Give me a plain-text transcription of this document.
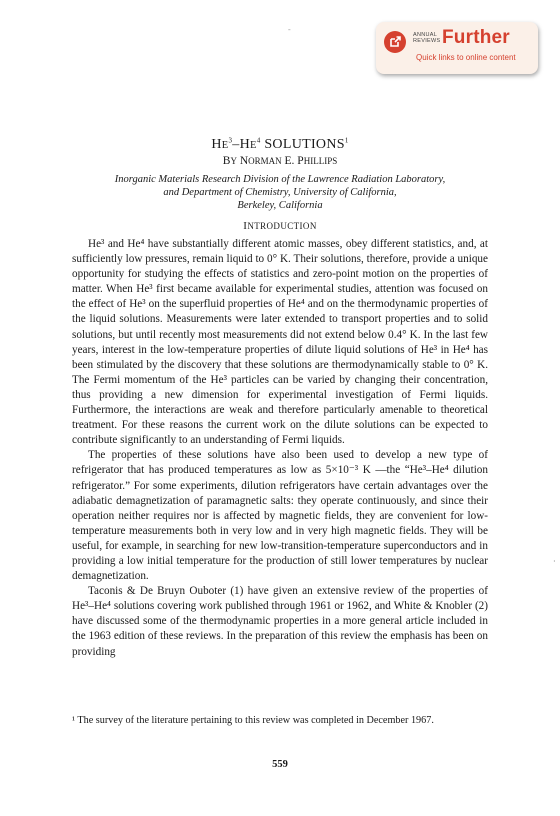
ANNUAL
REVIEWS Further
Quick links to online content
-
$HE^3-HE^4$ SOLUTIONS$^1$
BY NORMAN E. PHILLIPS
Inorganic Materials Research Division of the Lawrence Radiation Laboratory,
and Department of Chemistry, University of California,
Berkeley, California
INTRODUCTION

He³ and He⁴ have substantially different atomic masses, obey different statistics, and, at sufficiently low pressures, remain liquid to 0° K. Their solutions, therefore, provide a unique opportunity for studying the effects of statistics and zero-point motion on the properties of matter. When He³ first became available for experimental studies, attention was focused on the effect of He³ on the superfluid properties of He⁴ and on the thermodynamic properties of the liquid solutions. Measurements were later extended to transport properties and to solid solutions, but until recently most measurements did not extend below 0.4° K. In the last few years, interest in the low-temperature properties of dilute liquid solutions of He³ in He⁴ has been stimulated by the discovery that these solutions are thermodynamically stable to 0° K. The Fermi momentum of the He³ particles can be varied by changing their concentration, thus providing a new dimension for experimental investigation of Fermi liquids. Furthermore, the interactions are weak and therefore particularly amenable to theoretical treatment. For these reasons the current work on the dilute solutions can be expected to contribute significantly to an understanding of Fermi liquids.

The properties of these solutions have also been used to develop a new type of refrigerator that has produced temperatures as low as 5×10⁻³ K —the “He³–He⁴ dilution refrigerator.” For some experiments, dilution refrigerators have certain advantages over the adiabatic demagnetization of paramagnetic salts: they operate continuously, and since their operation neither requires nor is affected by magnetic fields, they are convenient for low-temperature measurements both in very low and in very high magnetic fields. They will be useful, for example, in searching for new low-transition-temperature superconductors and in providing a low initial temperature for the production of still lower temperatures by nuclear demagnetization.

Taconis & De Bruyn Ouboter (1) have given an extensive review of the properties of He³–He⁴ solutions covering work published through 1961 or 1962, and White & Knobler (2) have discussed some of the thermodynamic properties in a more general article included in the 1963 edition of these reviews. In the preparation of this review the emphasis has been on providing

¹ The survey of the literature pertaining to this review was completed in December 1967.
559
·
